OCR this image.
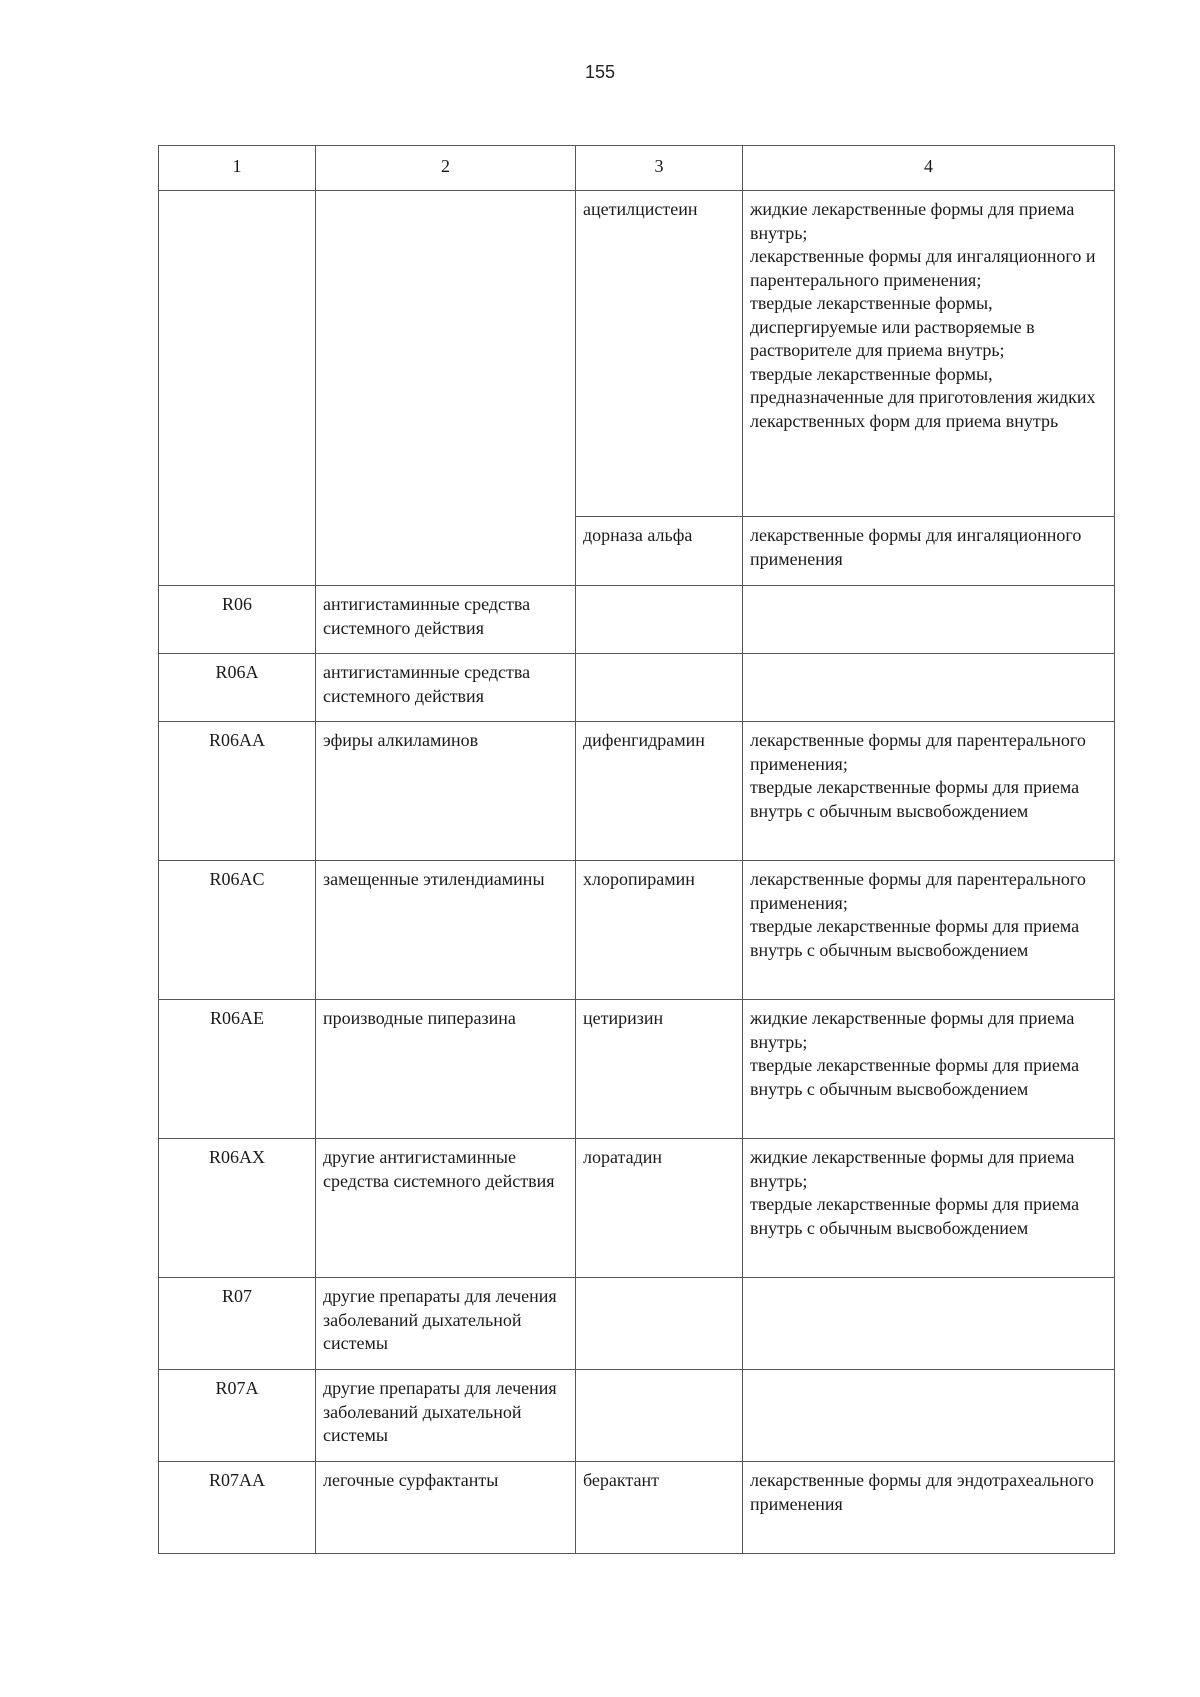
155
1	2	3	4
		ацетилцистеин	жидкие лекарственные формы для приема внутрь;
лекарственные формы для ингаляционного и парентерального применения;
твердые лекарственные формы, диспергируемые или растворяемые в растворителе для приема внутрь;
твердые лекарственные формы, предназначенные для приготовления жидких лекарственных форм для приема внутрь

		дорназа альфа	лекарственные формы для ингаляционного применения

R06	антигистаминные средства системного действия		
R06A	антигистаминные средства системного действия		
R06AA	эфиры алкиламинов	дифенгидрамин	лекарственные формы для парентерального применения;
твердые лекарственные формы для приема внутрь с обычным высвобождением

R06AC	замещенные этилендиамины	хлоропирамин	лекарственные формы для парентерального применения;
твердые лекарственные формы для приема внутрь с обычным высвобождением

R06AE	производные пиперазина	цетиризин	жидкие лекарственные формы для приема внутрь;
твердые лекарственные формы для приема внутрь с обычным высвобождением

R06AX	другие антигистаминные средства системного действия	лоратадин	жидкие лекарственные формы для приема внутрь;
твердые лекарственные формы для приема внутрь с обычным высвобождением

R07	другие препараты для лечения заболеваний дыхательной системы		
R07A	другие препараты для лечения заболеваний дыхательной системы		
R07AA	легочные сурфактанты	берактант	лекарственные формы для эндотрахеального применения
